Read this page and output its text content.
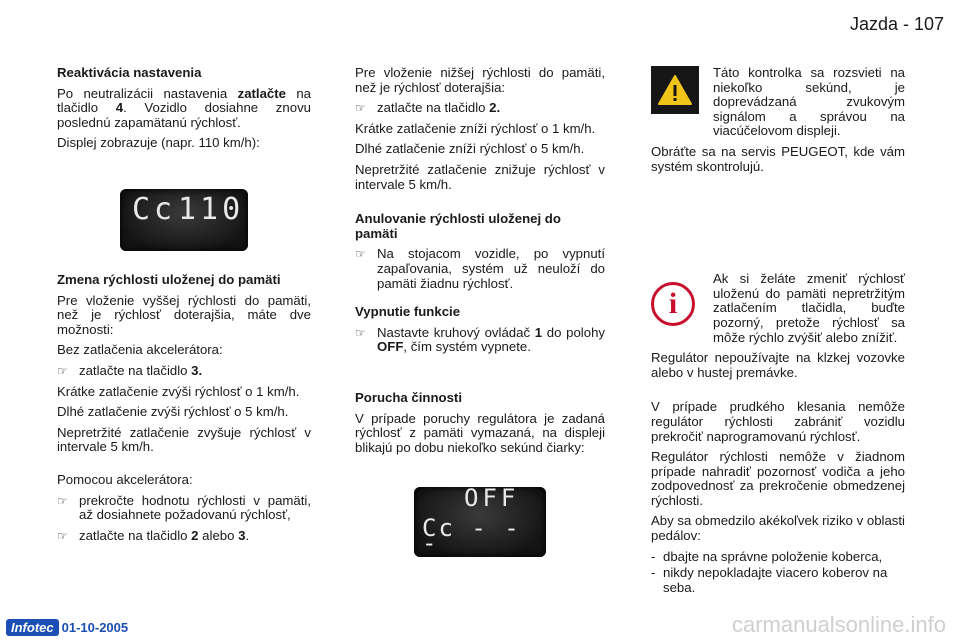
Jazda - 107
Reaktivácia nastavenia

Po neutralizácii nastavenia zatlačte na tlačidlo 4. Vozidlo dosiahne znovu poslednú zapamätanú rýchlosť.

Displej zobrazuje (napr. 110 km/h):

Cc 110
Zmena rýchlosti uloženej do pamäti

Pre vloženie vyššej rýchlosti do pamäti, než je rýchlosť doterajšia, máte dve možnosti:

Bez zatlačenia akcelerátora:

☞ zatlačte na tlačidlo 3.

Krátke zatlačenie zvýši rýchlosť o 1 km/h.

Dlhé zatlačenie zvýši rýchlosť o 5 km/h.

Nepretržité zatlačenie zvyšuje rýchlosť v intervale 5 km/h.

Pomocou akcelerátora:

☞ prekročte hodnotu rýchlosti v pamäti, až dosiahnete požadovanú rýchlosť,
☞ zatlačte na tlačidlo 2 alebo 3.

Pre vloženie nižšej rýchlosti do pamäti, než je rýchlosť doterajšia:

☞ zatlačte na tlačidlo 2.

Krátke zatlačenie zníži rýchlosť o 1 km/h.

Dlhé zatlačenie zníži rýchlosť o 5 km/h.

Nepretržité zatlačenie znižuje rýchlosť v intervale 5 km/h.

Anulovanie rýchlosti uloženej do pamäti
☞ Na stojacom vozidle, po vypnutí zapaľovania, systém už neuloží do pamäti žiadnu rýchlosť.
Vypnutie funkcie
☞ Nastavte kruhový ovládač 1 do polohy OFF, čím systém vypnete.
Porucha činnosti

V prípade poruchy regulátora je zadaná rýchlosť z pamäti vymazaná, na displeji blikajú po dobu niekoľko sekúnd čiarky:

OFF
Cc - - -

Táto kontrolka sa rozsvieti na niekoľko sekúnd, je doprevádzaná zvukovým signálom a správou na viacúčelovom displeji.

Obráťte sa na servis PEUGEOT, kde vám systém skontrolujú.

i

Ak si želáte zmeniť rýchlosť uloženú do pamäti nepretržitým zatlačením tlačidla, buďte pozorný, pretože rýchlosť sa môže rýchlo zvýšiť alebo znížiť.

Regulátor nepoužívajte na klzkej vozovke alebo v hustej premávke.

V prípade prudkého klesania nemôže regulátor rýchlosti zabrániť vozidlu prekročiť naprogramovanú rýchlosť.

Regulátor rýchlosti nemôže v žiadnom prípade nahradiť pozornosť vodiča a jeho zodpovednosť za prekročenie obmedzenej rýchlosti.

Aby sa obmedzilo akékoľvek riziko v oblasti pedálov:

- dbajte na správne položenie koberca,
- nikdy nepokladajte viacero koberov na seba.
Infotec 01-10-2005	carmanualsonline.info
